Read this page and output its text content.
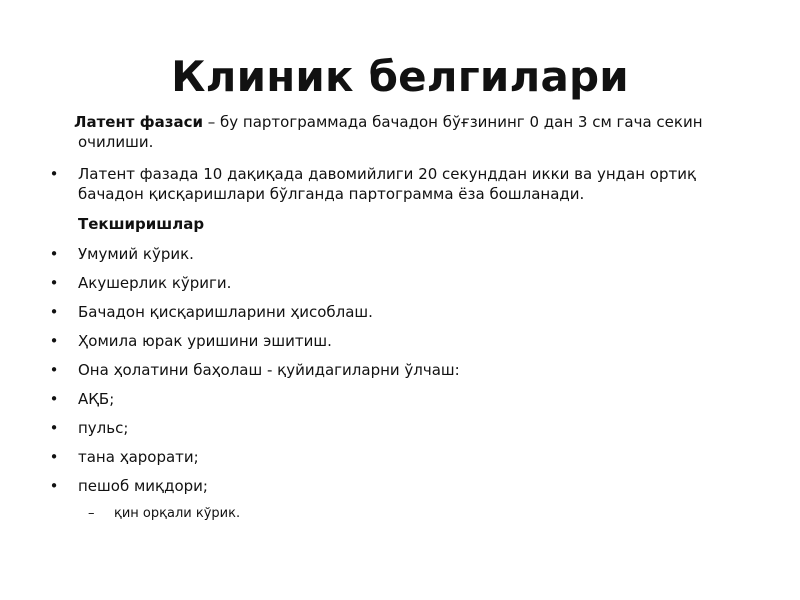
Клиник белгилари
Латент фазаси – бу партограммада бачадон бўғзининг 0 дан 3 см гача секин
очилиши.
• Латент фазада 10 дақиқада давомийлиги 20 секунддан икки ва ундан ортиқ
бачадон қисқаришлари бўлганда партограмма ёза бошланади.
Текширишлар
• Умумий кўрик.
• Акушерлик кўриги.
• Бачадон қисқаришларини ҳисоблаш.
• Ҳомила юрак уришини эшитиш.
• Она ҳолатини баҳолаш - қуйидагиларни ўлчаш:
• АҚБ;
• пульс;
• тана ҳарорати;
• пешоб миқдори;
– қин орқали кўрик.
